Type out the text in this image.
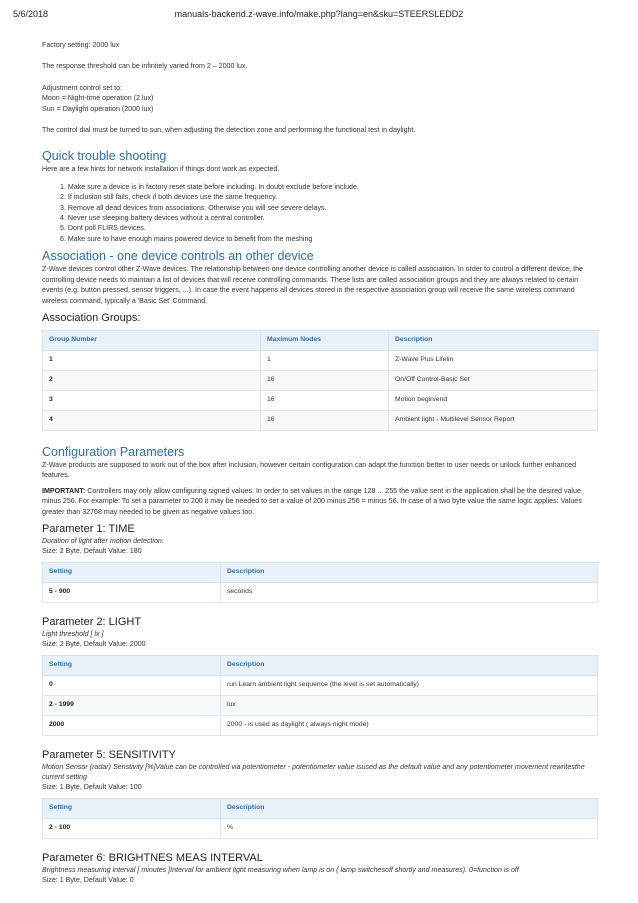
5/6/2018	manuals-backend.z-wave.info/make.php?lang=en&sku=STEERSLEDD2

Factory setting: 2000 lux

The response threshold can be infinitely varied from 2 – 2000 lux.

Adjustment control set to:

Moon = Night-time operation (2 lux)

Sun = Daylight operation (2000 lux)

The control dial must be turned to sun, when adjusting the detection zone and performing the functional test in daylight.

Quick trouble shooting

Here are a few hints for network installation if things dont work as expected.

1. Make sure a device is in factory reset state before including. In doubt exclude before include.
2. If inclusion still fails, check if both devices use the same frequency.
3. Remove all dead devices from associations. Otherwise you will see severe delays.
4. Never use sleeping battery devices without a central controller.
5. Dont poll FLIRS devices.
6. Make sure to have enough mains powered device to benefit from the meshing
Association - one device controls an other device

Z-Wave devices control other Z-Wave devices. The relationship between one device controlling another device is called association. In order to control a different device, the controlling device needs to maintain a list of devices that will receive controlling commands. These lists are called association groups and they are always related to certain events (e.g. button pressed, sensor triggers, ...). In case the event happens all devices stored in the respective association group will receive the same wireless command wireless command, typically a 'Basic Set' Command.

Association Groups:
Group Number	Maximum Nodes	Description
1	1	Z-Wave Plus Lifelin
2	16	On/Off Control-Basic Set
3	16	Motion begin/end
4	16	Ambient light - Multilevel Sensor Report
Configuration Parameters

Z-Wave products are supposed to work out of the box after inclusion, however certain configuration can adapt the function better to user needs or unlock further enhanced features.

IMPORTANT: Controllers may only allow configuring signed values. In order to set values in the range 128 ... 255 the value sent in the application shall be the desired value minus 256. For example: To set a parameter to 200 it may be needed to set a value of 200 minus 256 = minus 56. In case of a two byte value the same logic applies: Values greater than 32768 may needed to be given as negative values too.

Parameter 1: TIME

Duration of light after motion detection.

Size: 2 Byte, Default Value: 180

Setting	Description
5 - 900	seconds
Parameter 2: LIGHT

Light threshold [ lx ]

Size: 2 Byte, Default Value: 2000

Setting	Description
0	run Learn ambient light sequence (the level is set automatically)
2 - 1999	lux
2000	2000 - is used as daylight ( always night mode)
Parameter 5: SENSITIVITY

Motion Sensor (radar) Senstivity [%]Value can be controlled via potentiometer - potentiometer value isused as the default value and any potentiometer movement rewritesthe current setting

Size: 1 Byte, Default Value: 100

Setting	Description
2 - 100	%
Parameter 6: BRIGHTNES MEAS INTERVAL

Brightness measuring interval [ minutes ]Interval for ambient light measuring when lamp is on ( lamp switchesoff shortly and measures). 0=function is off

Size: 1 Byte, Default Value: 0
